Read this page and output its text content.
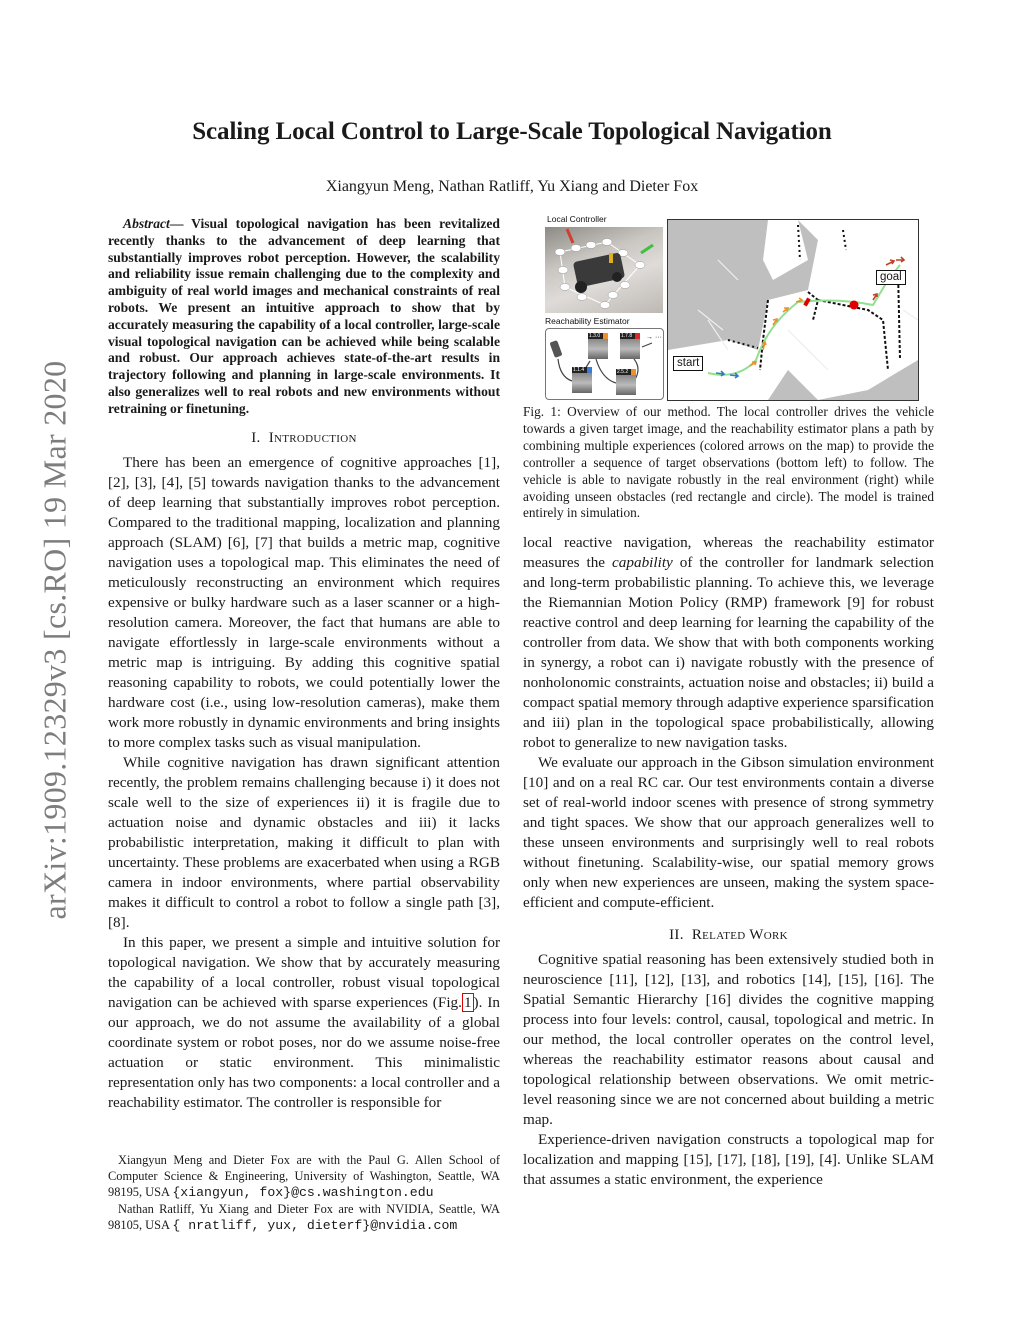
arXiv:1909.12329v3 [cs.RO] 19 Mar 2020
Scaling Local Control to Large-Scale Topological Navigation
Xiangyun Meng, Nathan Ratliff, Yu Xiang and Dieter Fox

Abstract— Visual topological navigation has been revitalized recently thanks to the advancement of deep learning that substantially improves robot perception. However, the scalability and reliability issue remain challenging due to the complexity and ambiguity of real world images and mechanical constraints of real robots. We present an intuitive approach to show that by accurately measuring the capability of a local controller, large-scale visual topological navigation can be achieved while being scalable and robust. Our approach achieves state-of-the-art results in trajectory following and planning in large-scale environments. It also generalizes well to real robots and new environments without retraining or finetuning.

I. Introduction

There has been an emergence of cognitive approaches [1], [2], [3], [4], [5] towards navigation thanks to the advancement of deep learning that substantially improves robot perception. Compared to the traditional mapping, localization and planning approach (SLAM) [6], [7] that builds a metric map, cognitive navigation uses a topological map. This eliminates the need of meticulously reconstructing an environment which requires expensive or bulky hardware such as a laser scanner or a high-resolution camera. Moreover, the fact that humans are able to navigate effortlessly in large-scale environments without a metric map is intriguing. By adding this cognitive spatial reasoning capability to robots, we could potentially lower the hardware cost (i.e., using low-resolution cameras), make them work more robustly in dynamic environments and bring insights to more complex tasks such as visual manipulation.

While cognitive navigation has drawn significant attention recently, the problem remains challenging because i) it does not scale well to the size of experiences ii) it is fragile due to actuation noise and dynamic obstacles and iii) it lacks probabilistic interpretation, making it difficult to plan with uncertainty. These problems are exacerbated when using a RGB camera in indoor environments, where partial observability makes it difficult to control a robot to follow a single path [3], [8].

In this paper, we present a simple and intuitive solution for topological navigation. We show that by accurately measuring the capability of a local controller, robust visual topological navigation can be achieved with sparse experiences (Fig. 1 ). In our approach, we do not assume the availability of a global coordinate system or robot poses, nor do we assume noise-free actuation or static environment. This minimalistic representation only has two components: a local controller and a reachability estimator. The controller is responsible for

Xiangyun Meng and Dieter Fox are with the Paul G. Allen School of Computer Science & Engineering, University of Washington, Seattle, WA 98195, USA {xiangyun, fox}@cs.washington.edu

Nathan Ratliff, Yu Xiang and Dieter Fox are with NVIDIA, Seattle, WA 98105, USA { nratliff, yux, dieterf}@nvidia.com

Local Controller
Reachability Estimator
1.1.4
1.3.0
2.5.2
1.7.8	→ ···
start
goal
Fig. 1: Overview of our method. The local controller drives the vehicle towards a given target image, and the reachability estimator plans a path by combining multiple experiences (colored arrows on the map) to provide the controller a sequence of target observations (bottom left) to follow. The vehicle is able to navigate robustly in the real environment (right) while avoiding unseen obstacles (red rectangle and circle). The model is trained entirely in simulation.

local reactive navigation, whereas the reachability estimator measures the capability of the controller for landmark selection and long-term probabilistic planning. To achieve this, we leverage the Riemannian Motion Policy (RMP) framework [9] for robust reactive control and deep learning for learning the capability of the controller from data. We show that with both components working in synergy, a robot can i) navigate robustly with the presence of nonholonomic constraints, actuation noise and obstacles; ii) build a compact spatial memory through adaptive experience sparsification and iii) plan in the topological space probabilistically, allowing robot to generalize to new navigation tasks.

We evaluate our approach in the Gibson simulation environment [10] and on a real RC car. Our test environments contain a diverse set of real-world indoor scenes with presence of strong symmetry and tight spaces. We show that our approach generalizes well to these unseen environments and surprisingly well to real robots without finetuning. Scalability-wise, our spatial memory grows only when new experiences are unseen, making the system space-efficient and compute-efficient.

II. Related Work

Cognitive spatial reasoning has been extensively studied both in neuroscience [11], [12], [13], and robotics [14], [15], [16]. The Spatial Semantic Hierarchy [16] divides the cognitive mapping process into four levels: control, causal, topological and metric. In our method, the local controller operates on the control level, whereas the reachability estimator reasons about causal and topological relationship between observations. We omit metric-level reasoning since we are not concerned about building a metric map.

Experience-driven navigation constructs a topological map for localization and mapping [15], [17], [18], [19], [4]. Unlike SLAM that assumes a static environment, the experience
